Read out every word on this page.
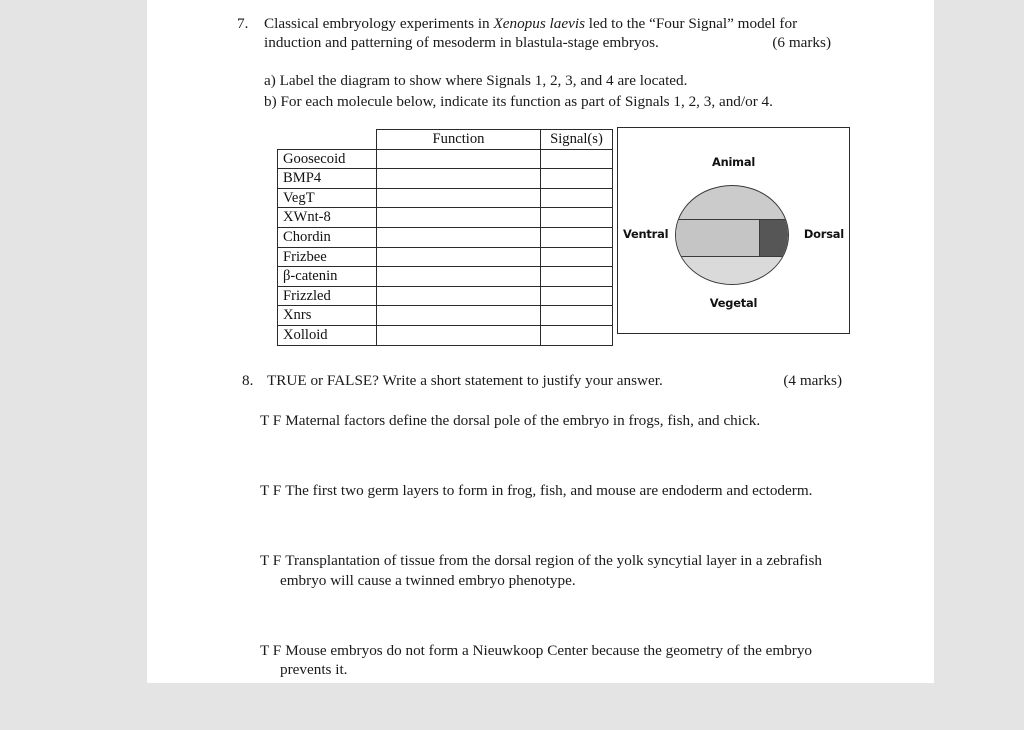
7.	Classical embryology experiments in Xenopus laevis led to the “Four Signal” model for
induction and patterning of mesoderm in blastula-stage embryos.	(6 marks)
a) Label the diagram to show where Signals 1, 2, 3, and 4 are located.
b) For each molecule below, indicate its function as part of Signals 1, 2, 3, and/or 4.
	Function	Signal(s)
Goosecoid		
BMP4		
VegT		
XWnt-8		
Chordin		
Frizbee		
β-catenin		
Frizzled		
Xnrs		
Xolloid		
Animal
Ventral	Dorsal
Vegetal
8. TRUE or FALSE? Write a short statement to justify your answer.	(4 marks)
T F Maternal factors define the dorsal pole of the embryo in frogs, fish, and chick.
T F The first two germ layers to form in frog, fish, and mouse are endoderm and ectoderm.
T F Transplantation of tissue from the dorsal region of the yolk syncytial layer in a zebrafish
embryo will cause a twinned embryo phenotype.
T F Mouse embryos do not form a Nieuwkoop Center because the geometry of the embryo
prevents it.
